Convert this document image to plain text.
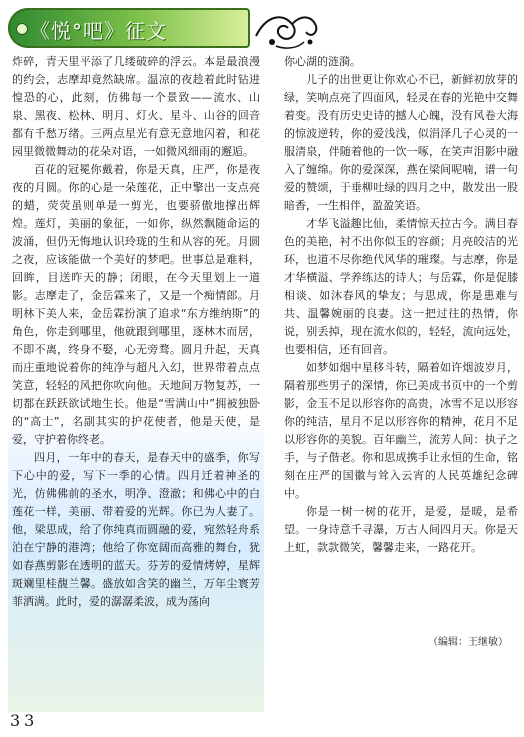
《悦°吧》征文

炸碎，青天里平添了几缕破碎的浮云。本是最浪漫的约会，志摩却竟然缺席。温凉的夜趁着此时钻进惶恐的心，此刻，仿佛每一个景致——流水、山泉、黑夜、松林、明月、灯火、星斗、山谷的回音都有千愁万绪。三两点星光有意无意地闪着，和花园里微微舞动的花朵对语，一如微风细雨的邂逅。

百花的冠冕你戴着，你是天真，庄严，你是夜夜的月圆。你的心是一朵莲花，正中擎出一支点亮的蜡，荧荧虽则单是一剪光，也要骄傲地撑出辉煌。莲灯，美丽的象征，一如你，纵然飘随命运的波涌，但仍无悔地认识玲珑的生和从容的死。月圆之夜，应该能做一个美好的梦吧。世事总是难料，回眸，目送昨天的静；闭眼，在今天里划上一道影。志摩走了，金岳霖来了，又是一个痴情郎。月明林下美人来，金岳霖扮演了追求“东方维纳斯”的角色，你走到哪里，他就跟到哪里，逐林木而居，不即不离，终身不娶，心无旁骛。圆月升起，天真而庄重地说着你的纯净与超凡入幻，世界带着点点笑意，轻轻的风把你吹向他。天地间万物复苏，一切都在跃跃欲试地生长。他是“雪满山中”拥被独卧的“高士”，名副其实的护花使者，他是天使，是爱，守护着你终老。

四月，一年中的春天，是春天中的盛季，你写下心中的爱，写下一季的心情。四月迁着神圣的光，仿佛佛前的圣水，明净、澄澈；和佛心中的白莲花一样，美丽、带着爱的光辉。你已为人妻了。他，梁思成，给了你纯真而圆融的爱，宛然轻舟系泊在宁静的港湾；他给了你宽阔而高雅的舞台，犹如春燕剪影在透明的蓝天。芬芳的爱情烤婷，星辉斑斓里桂馥兰馨。盛放如含笑的幽兰，万年尘寰芳菲洒满。此时，爱的潺潺柔波，成为荡向

你心湖的涟漪。

儿子的出世更让你欢心不已，新鲜初放芽的绿，笑响点亮了四面风，轻灵在春的光艳中交舞着变。没有历史史诗的撼人心魄，没有风卷大海的惊波逆转，你的爱浅浅，似涓泽几子心灵的一服清泉，伴随着他的一饮一啄，在笑声泪影中融入了缠绵。你的爱深深，燕在梁间呢喃，谱一句爱的赞颂，于垂柳吐绿的四月之中，散发出一股暗香，一生相伴，盈盈笑语。

才华飞溢趣比仙，柔情惊天拉古今。满目春色的美艳，衬不出你似玉的容颜；月亮皎洁的光环，也道不尽你绝代风华的璀璨。与志摩，你是才华横溢、学养练达的诗人；与岳霖，你是促膝相谈、如沐春风的挚友；与思成，你是患难与共、温馨婉丽的良妻。这一把过往的热情，你说，别丢掉，现在流水似的，轻轻，流向远处，也要相信，还有回音。

如梦如烟中星移斗转，隔着如许烟波岁月，隔着那些男子的深情，你已美成书页中的一个剪影，金玉不足以形容你的高贵，冰雪不足以形容你的纯洁，星月不足以形容你的精神，花月不足以形容你的美貌。百年幽兰，流芳人间：执子之手，与子偕老。你和思成携手让永恒的生命，铭刻在庄严的国徽与耸入云宵的人民英雄纪念碑中。

你是一树一树的花开，是爱，是暖，是希望。一身诗意千寻瀑，万古人间四月天。你是天上虹，款款微笑，馨馨走来，一路花开。

（编辑：王继敏）
33
